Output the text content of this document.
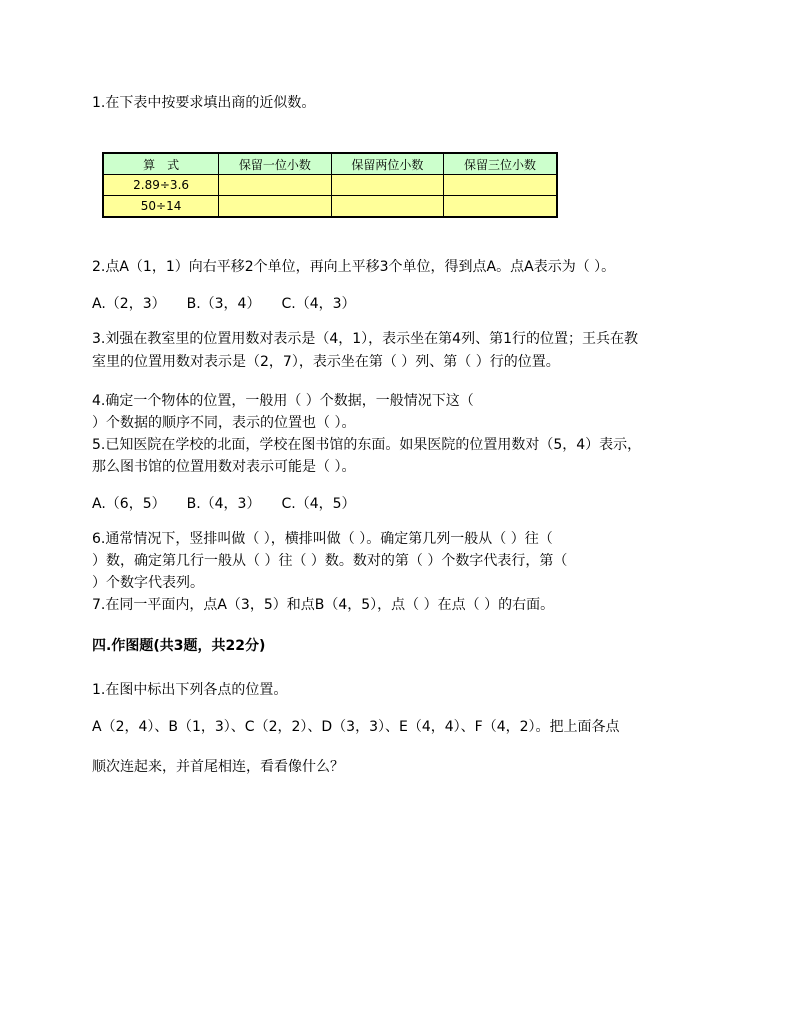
1.在下表中按要求填出商的近似数。
算　式	保留一位小数	保留两位小数	保留三位小数
2.89÷3.6			
50÷14			
2.点A（1，1）向右平移2个单位，再向上平移3个单位，得到点A。点A表示为（ ）。
A.（2，3）　　B.（3，4）　　C.（4，3）
3.刘强在教室里的位置用数对表示是（4，1），表示坐在第4列、第1行的位置；王兵在教
室里的位置用数对表示是（2，7），表示坐在第（ ）列、第（ ）行的位置。
4.确定一个物体的位置，一般用（ ）个数据，一般情况下这（
）个数据的顺序不同，表示的位置也（ ）。
5.已知医院在学校的北面，学校在图书馆的东面。如果医院的位置用数对（5，4）表示，
那么图书馆的位置用数对表示可能是（ ）。
A.（6，5）　　B.（4，3）　　C.（4，5）
6.通常情况下，竖排叫做（ ），横排叫做（ ）。确定第几列一般从（ ）往（
）数，确定第几行一般从（ ）往（ ）数。数对的第（ ）个数字代表行，第（
）个数字代表列。
7.在同一平面内，点A（3，5）和点B（4，5），点（ ）在点（ ）的右面。
四.作图题(共3题，共22分)
1.在图中标出下列各点的位置。
A（2，4）、B（1，3）、C（2，2）、D（3，3）、E（4，4）、F（4，2）。把上面各点
顺次连起来，并首尾相连，看看像什么？
